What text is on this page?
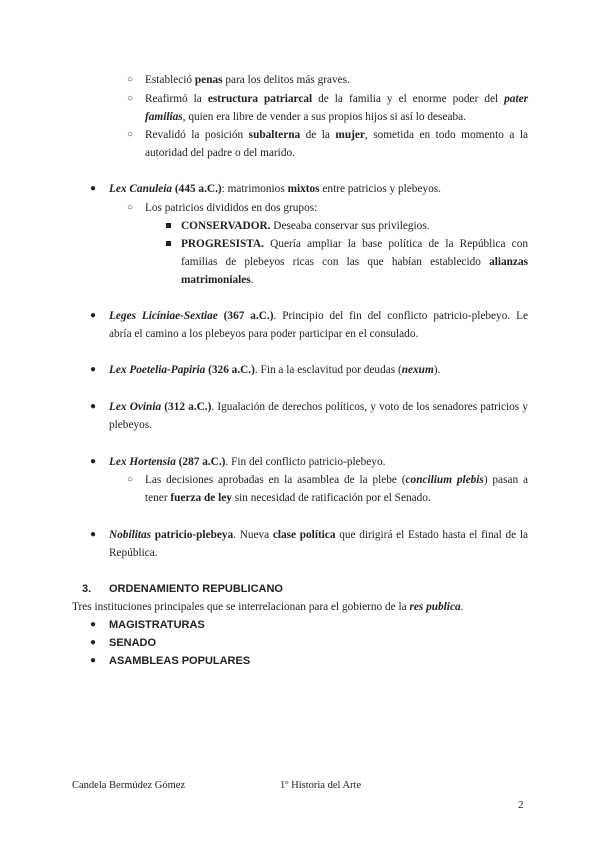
○ Estableció penas para los delitos más graves.
○ Reafirmó la estructura patriarcal de la familia y el enorme poder del pater
familias, quien era libre de vender a sus propios hijos si así lo deseaba.
○ Revalidó la posición subalterna de la mujer, sometida en todo momento a la
autoridad del padre o del marido.
● Lex Canuleia (445 a.C.): matrimonios mixtos entre patricios y plebeyos.
○ Los patricios divididos en dos grupos:
CONSERVADOR. Deseaba conservar sus privilegios.
PROGRESISTA. Quería ampliar la base política de la República con
familias de plebeyos ricas con las que habían establecido alianzas
matrimoniales.
● Leges Licíniae-Sextiae (367 a.C.). Principio del fin del conflicto patricio-plebeyo. Le
abría el camino a los plebeyos para poder participar en el consulado.
● Lex Poetelia-Papiria (326 a.C.). Fin a la esclavitud por deudas (nexum).
● Lex Ovinia (312 a.C.). Igualación de derechos políticos, y voto de los senadores patricios y
plebeyos.
● Lex Hortensia (287 a.C.). Fin del conflicto patricio-plebeyo.
○ Las decisiones aprobadas en la asamblea de la plebe (concilium plebis) pasan a
tener fuerza de ley sin necesidad de ratificación por el Senado.
● Nobilitas patricio-plebeya. Nueva clase política que dirigirá el Estado hasta el final de la
República.
3. ORDENAMIENTO REPUBLICANO
Tres instituciones principales que se interrelacionan para el gobierno de la res publica.
● MAGISTRATURAS
● SENADO
● ASAMBLEAS POPULARES
Candela Bermúdez Gómez	1º Historia del Arte
2
